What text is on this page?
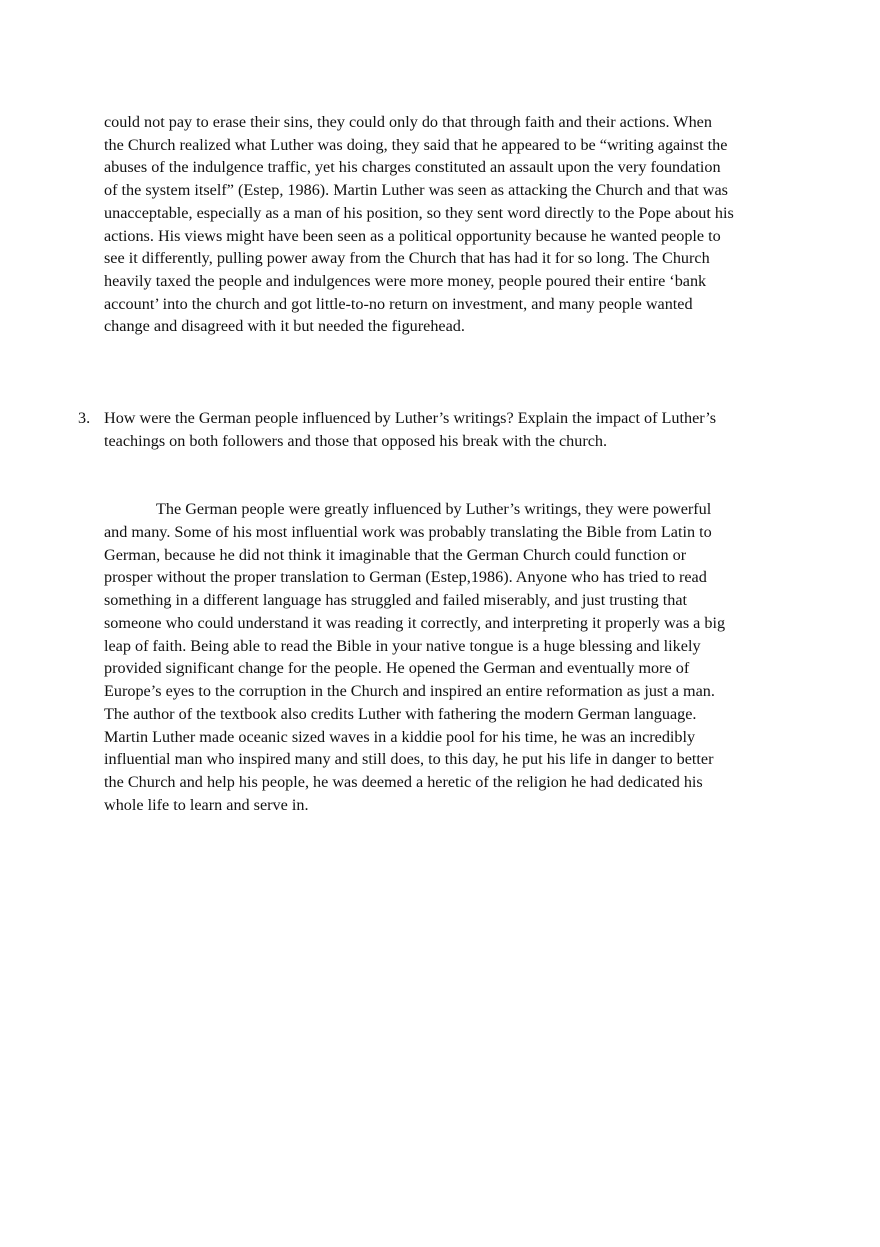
could not pay to erase their sins, they could only do that through faith and their actions. When
the Church realized what Luther was doing, they said that he appeared to be “writing against the
abuses of the indulgence traffic, yet his charges constituted an assault upon the very foundation
of the system itself” (Estep, 1986). Martin Luther was seen as attacking the Church and that was
unacceptable, especially as a man of his position, so they sent word directly to the Pope about his
actions. His views might have been seen as a political opportunity because he wanted people to
see it differently, pulling power away from the Church that has had it for so long. The Church
heavily taxed the people and indulgences were more money, people poured their entire ‘bank
account’ into the church and got little-to-no return on investment, and many people wanted
change and disagreed with it but needed the figurehead.
3. How were the German people influenced by Luther’s writings? Explain the impact of Luther’s
teachings on both followers and those that opposed his break with the church.
The German people were greatly influenced by Luther’s writings, they were powerful
and many. Some of his most influential work was probably translating the Bible from Latin to
German, because he did not think it imaginable that the German Church could function or
prosper without the proper translation to German (Estep,1986). Anyone who has tried to read
something in a different language has struggled and failed miserably, and just trusting that
someone who could understand it was reading it correctly, and interpreting it properly was a big
leap of faith. Being able to read the Bible in your native tongue is a huge blessing and likely
provided significant change for the people. He opened the German and eventually more of
Europe’s eyes to the corruption in the Church and inspired an entire reformation as just a man.
The author of the textbook also credits Luther with fathering the modern German language.
Martin Luther made oceanic sized waves in a kiddie pool for his time, he was an incredibly
influential man who inspired many and still does, to this day, he put his life in danger to better
the Church and help his people, he was deemed a heretic of the religion he had dedicated his
whole life to learn and serve in.
